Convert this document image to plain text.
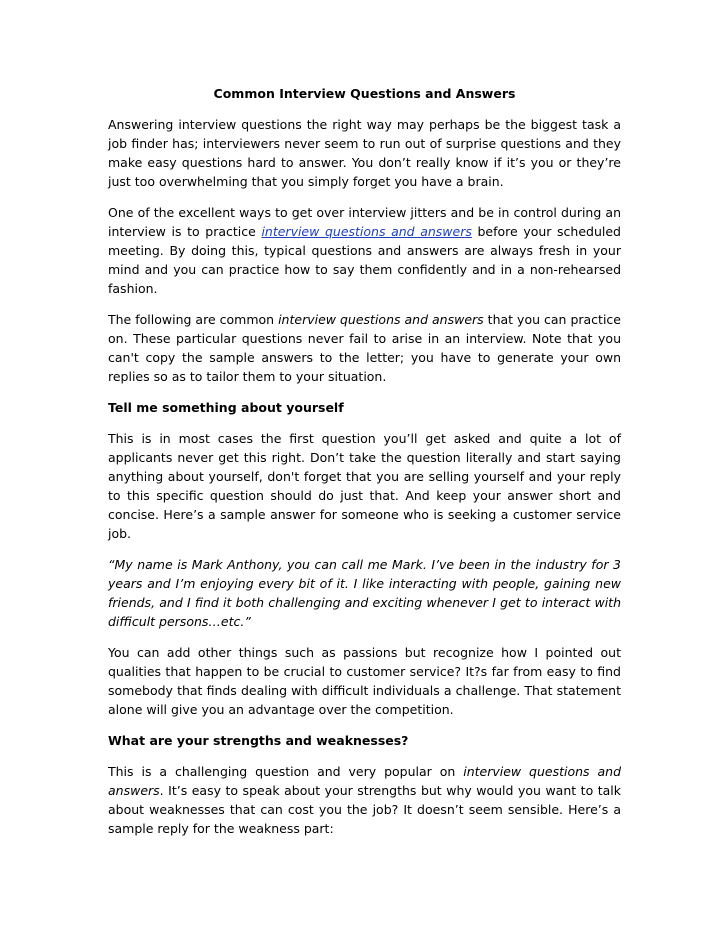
Common Interview Questions and Answers

Answering interview questions the right way may perhaps be the biggest task a job finder has; interviewers never seem to run out of surprise questions and they make easy questions hard to answer. You don’t really know if it’s you or they’re just too overwhelming that you simply forget you have a brain.

One of the excellent ways to get over interview jitters and be in control during an interview is to practice interview questions and answers before your scheduled meeting. By doing this, typical questions and answers are always fresh in your mind and you can practice how to say them confidently and in a non-rehearsed fashion.

The following are common interview questions and answers that you can practice on. These particular questions never fail to arise in an interview. Note that you can't copy the sample answers to the letter; you have to generate your own replies so as to tailor them to your situation.

Tell me something about yourself

This is in most cases the first question you’ll get asked and quite a lot of applicants never get this right. Don’t take the question literally and start saying anything about yourself, don't forget that you are selling yourself and your reply to this specific question should do just that. And keep your answer short and concise. Here’s a sample answer for someone who is seeking a customer service job.

“My name is Mark Anthony, you can call me Mark. I’ve been in the industry for 3 years and I’m enjoying every bit of it. I like interacting with people, gaining new friends, and I find it both challenging and exciting whenever I get to interact with difficult persons…etc.”

You can add other things such as passions but recognize how I pointed out qualities that happen to be crucial to customer service? It?s far from easy to find somebody that finds dealing with difficult individuals a challenge. That statement alone will give you an advantage over the competition.

What are your strengths and weaknesses?

This is a challenging question and very popular on interview questions and answers. It’s easy to speak about your strengths but why would you want to talk about weaknesses that can cost you the job? It doesn’t seem sensible. Here’s a sample reply for the weakness part:
